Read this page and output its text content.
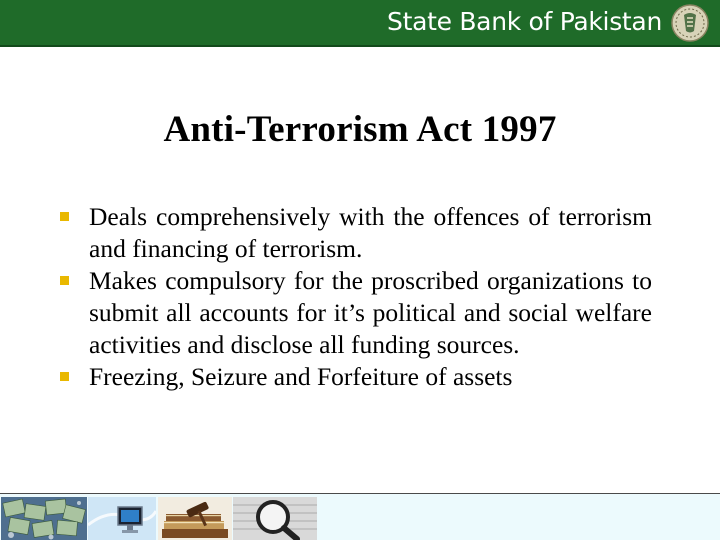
State Bank of Pakistan
Anti-Terrorism Act 1997
Deals comprehensively with the offences of terrorism and financing of terrorism.
Makes compulsory for the proscribed organizations to submit all accounts for it’s political and social welfare activities and disclose all funding sources.
Freezing, Seizure and Forfeiture of assets
